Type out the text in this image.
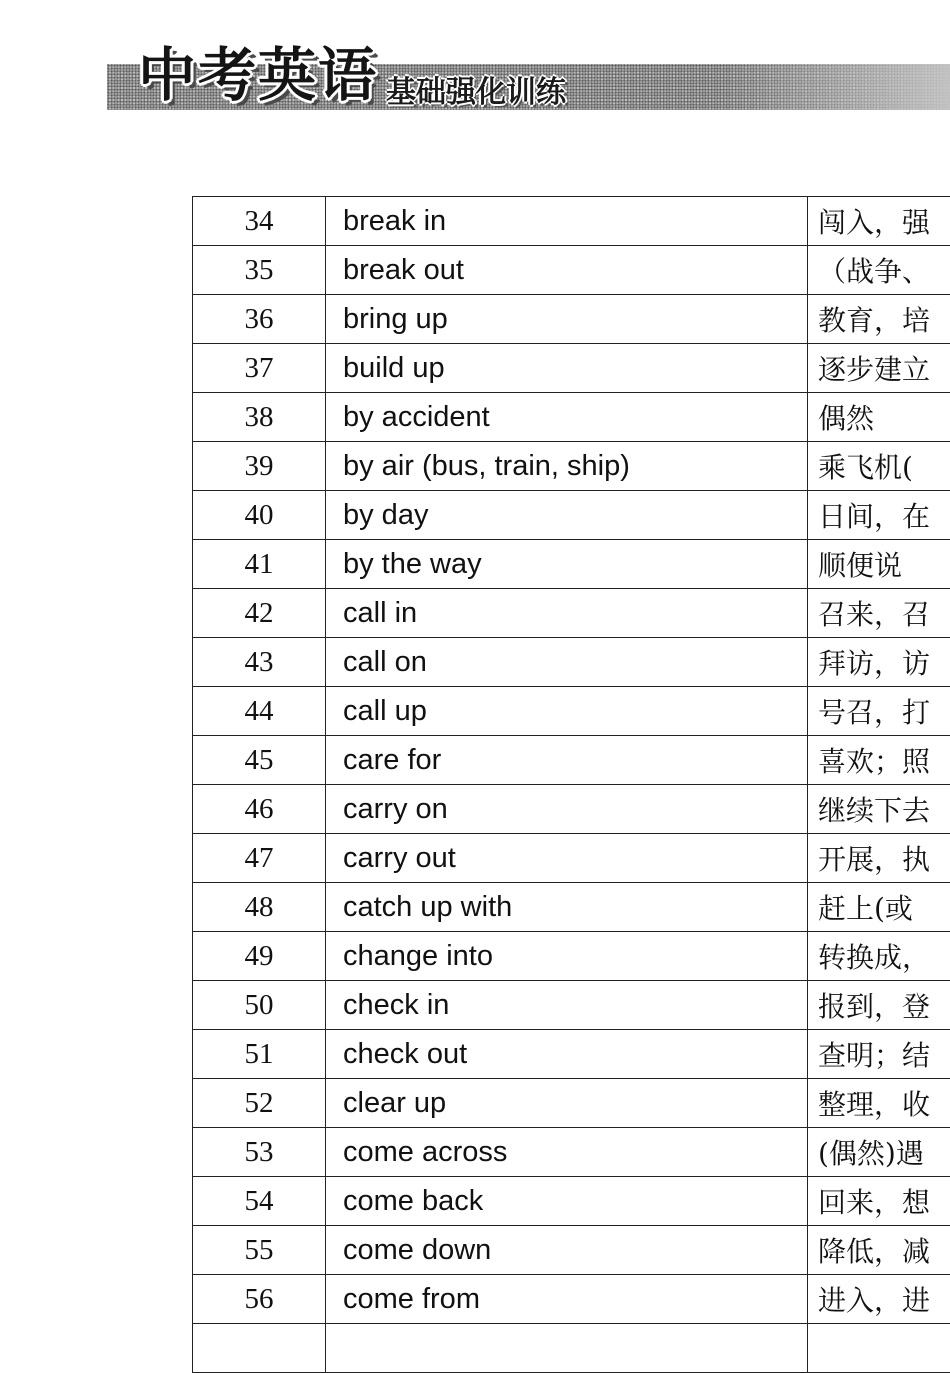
中考英语 基础强化训练
34	break in	闯入，强
35	break out	（战争、
36	bring up	教育，培
37	build up	逐步建立
38	by accident	偶然
39	by air (bus, train, ship)	乘飞机(
40	by day	日间，在
41	by the way	顺便说
42	call in	召来，召
43	call on	拜访，访
44	call up	号召，打
45	care for	喜欢；照
46	carry on	继续下去
47	carry out	开展，执
48	catch up with	赶上(或
49	change into	转换成，
50	check in	报到，登
51	check out	查明；结
52	clear up	整理，收
53	come across	(偶然)遇
54	come back	回来，想
55	come down	降低，减
56	come from	进入，进
